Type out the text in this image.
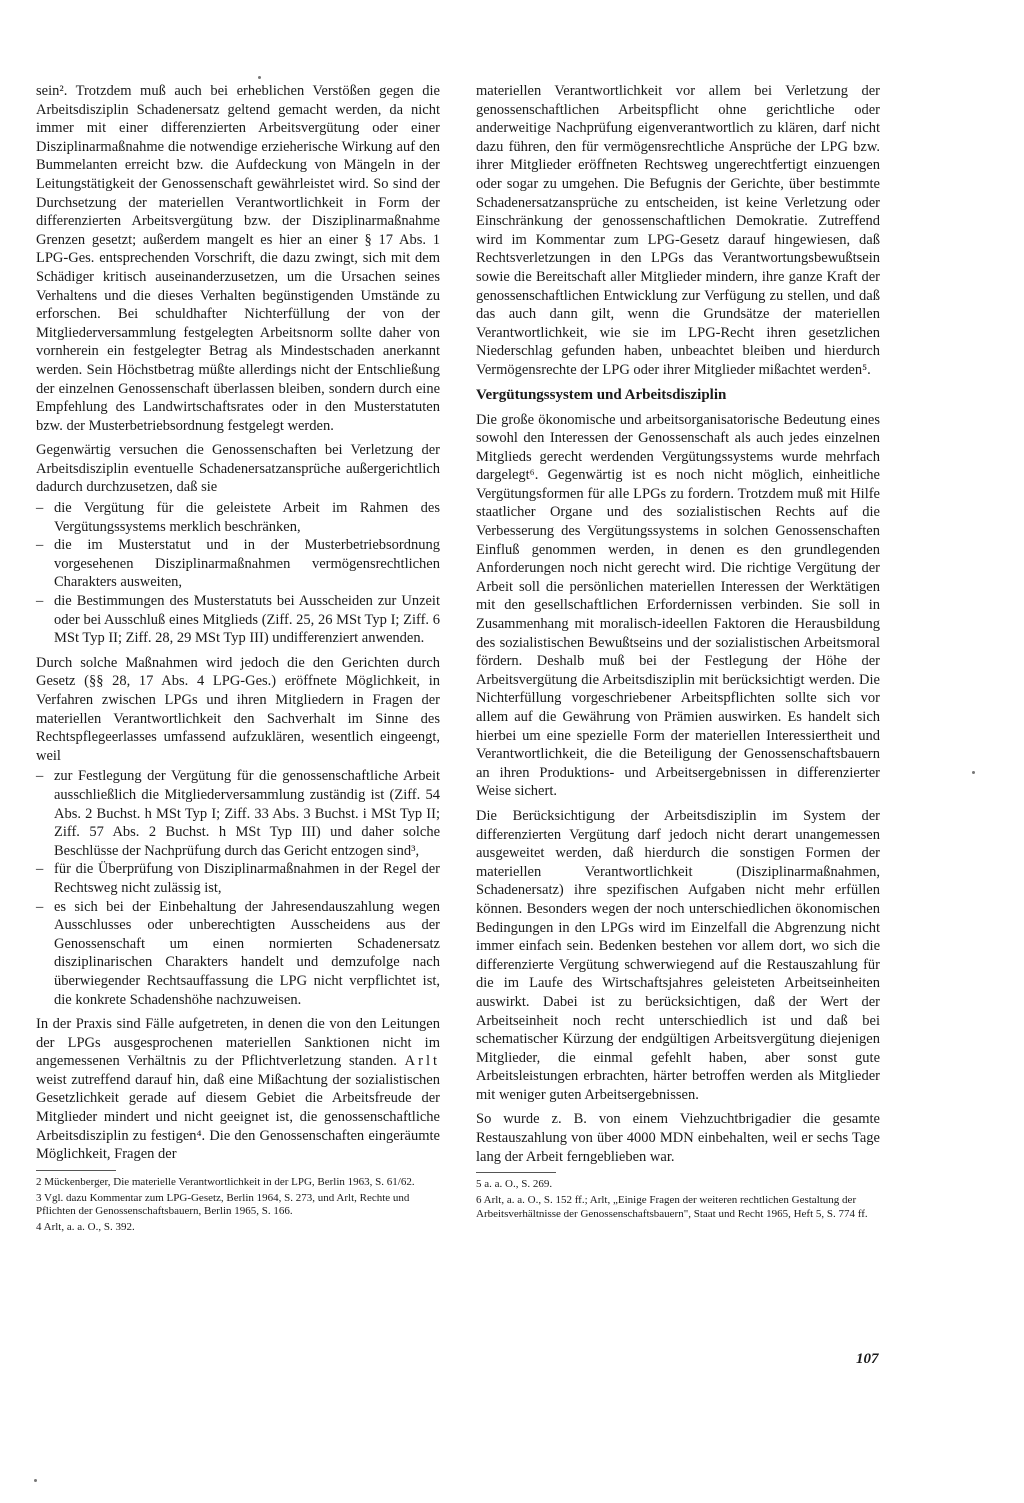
sein². Trotzdem muß auch bei erheblichen Verstößen gegen die Arbeitsdisziplin Schadenersatz geltend gemacht werden, da nicht immer mit einer differenzierten Arbeitsvergütung oder einer Disziplinarmaßnahme die notwendige erzieherische Wirkung auf den Bummelanten erreicht bzw. die Aufdeckung von Mängeln in der Leitungstätigkeit der Genossenschaft gewährleistet wird. So sind der Durchsetzung der materiellen Verantwortlichkeit in Form der differenzierten Arbeitsvergütung bzw. der Disziplinarmaßnahme Grenzen gesetzt; außerdem mangelt es hier an einer § 17 Abs. 1 LPG-Ges. entsprechenden Vorschrift, die dazu zwingt, sich mit dem Schädiger kritisch auseinanderzusetzen, um die Ursachen seines Verhaltens und die dieses Verhalten begünstigenden Umstände zu erforschen. Bei schuldhafter Nichterfüllung der von der Mitgliederversammlung festgelegten Arbeitsnorm sollte daher von vornherein ein festgelegter Betrag als Mindestschaden anerkannt werden. Sein Höchstbetrag müßte allerdings nicht der Entschließung der einzelnen Genossenschaft überlassen bleiben, sondern durch eine Empfehlung des Landwirtschaftsrates oder in den Musterstatuten bzw. der Musterbetriebsordnung festgelegt werden.

Gegenwärtig versuchen die Genossenschaften bei Verletzung der Arbeitsdisziplin eventuelle Schadenersatzansprüche außergerichtlich dadurch durchzusetzen, daß sie

– die Vergütung für die geleistete Arbeit im Rahmen des Vergütungssystems merklich beschränken,
– die im Musterstatut und in der Musterbetriebsordnung vorgesehenen Disziplinarmaßnahmen vermögensrechtlichen Charakters ausweiten,
– die Bestimmungen des Musterstatuts bei Ausscheiden zur Unzeit oder bei Ausschluß eines Mitglieds (Ziff. 25, 26 MSt Typ I; Ziff. 6 MSt Typ II; Ziff. 28, 29 MSt Typ III) undifferenziert anwenden.

Durch solche Maßnahmen wird jedoch die den Gerichten durch Gesetz (§§ 28, 17 Abs. 4 LPG-Ges.) eröffnete Möglichkeit, in Verfahren zwischen LPGs und ihren Mitgliedern in Fragen der materiellen Verantwortlichkeit den Sachverhalt im Sinne des Rechtspflegeerlasses umfassend aufzuklären, wesentlich eingeengt, weil

– zur Festlegung der Vergütung für die genossenschaftliche Arbeit ausschließlich die Mitgliederversammlung zuständig ist (Ziff. 54 Abs. 2 Buchst. h MSt Typ I; Ziff. 33 Abs. 3 Buchst. i MSt Typ II; Ziff. 57 Abs. 2 Buchst. h MSt Typ III) und daher solche Beschlüsse der Nachprüfung durch das Gericht entzogen sind³,
– für die Überprüfung von Disziplinarmaßnahmen in der Regel der Rechtsweg nicht zulässig ist,
– es sich bei der Einbehaltung der Jahresendauszahlung wegen Ausschlusses oder unberechtigten Ausscheidens aus der Genossenschaft um einen normierten Schadenersatz disziplinarischen Charakters handelt und demzufolge nach überwiegender Rechtsauffassung die LPG nicht verpflichtet ist, die konkrete Schadenshöhe nachzuweisen.

In der Praxis sind Fälle aufgetreten, in denen die von den Leitungen der LPGs ausgesprochenen materiellen Sanktionen nicht im angemessenen Verhältnis zu der Pflichtverletzung standen. Arlt weist zutreffend darauf hin, daß eine Mißachtung der sozialistischen Gesetzlichkeit gerade auf diesem Gebiet die Arbeitsfreude der Mitglieder mindert und nicht geeignet ist, die genossenschaftliche Arbeitsdisziplin zu festigen⁴. Die den Genossenschaften eingeräumte Möglichkeit, Fragen der

2 Mückenberger, Die materielle Verantwortlichkeit in der LPG, Berlin 1963, S. 61/62.

3 Vgl. dazu Kommentar zum LPG-Gesetz, Berlin 1964, S. 273, und Arlt, Rechte und Pflichten der Genossenschaftsbauern, Berlin 1965, S. 166.

4 Arlt, a. a. O., S. 392.

materiellen Verantwortlichkeit vor allem bei Verletzung der genossenschaftlichen Arbeitspflicht ohne gerichtliche oder anderweitige Nachprüfung eigenverantwortlich zu klären, darf nicht dazu führen, den für vermögensrechtliche Ansprüche der LPG bzw. ihrer Mitglieder eröffneten Rechtsweg ungerechtfertigt einzuengen oder sogar zu umgehen. Die Befugnis der Gerichte, über bestimmte Schadenersatzansprüche zu entscheiden, ist keine Verletzung oder Einschränkung der genossenschaftlichen Demokratie. Zutreffend wird im Kommentar zum LPG-Gesetz darauf hingewiesen, daß Rechtsverletzungen in den LPGs das Verantwortungsbewußtsein sowie die Bereitschaft aller Mitglieder mindern, ihre ganze Kraft der genossenschaftlichen Entwicklung zur Verfügung zu stellen, und daß das auch dann gilt, wenn die Grundsätze der materiellen Verantwortlichkeit, wie sie im LPG-Recht ihren gesetzlichen Niederschlag gefunden haben, unbeachtet bleiben und hierdurch Vermögensrechte der LPG oder ihrer Mitglieder mißachtet werden⁵.

Vergütungssystem und Arbeitsdisziplin

Die große ökonomische und arbeitsorganisatorische Bedeutung eines sowohl den Interessen der Genossenschaft als auch jedes einzelnen Mitglieds gerecht werdenden Vergütungssystems wurde mehrfach dargelegt⁶. Gegenwärtig ist es noch nicht möglich, einheitliche Vergütungsformen für alle LPGs zu fordern. Trotzdem muß mit Hilfe staatlicher Organe und des sozialistischen Rechts auf die Verbesserung des Vergütungssystems in solchen Genossenschaften Einfluß genommen werden, in denen es den grundlegenden Anforderungen noch nicht gerecht wird. Die richtige Vergütung der Arbeit soll die persönlichen materiellen Interessen der Werktätigen mit den gesellschaftlichen Erfordernissen verbinden. Sie soll in Zusammenhang mit moralisch-ideellen Faktoren die Herausbildung des sozialistischen Bewußtseins und der sozialistischen Arbeitsmoral fördern. Deshalb muß bei der Festlegung der Höhe der Arbeitsvergütung die Arbeitsdisziplin mit berücksichtigt werden. Die Nichterfüllung vorgeschriebener Arbeitspflichten sollte sich vor allem auf die Gewährung von Prämien auswirken. Es handelt sich hierbei um eine spezielle Form der materiellen Interessiertheit und Verantwortlichkeit, die die Beteiligung der Genossenschaftsbauern an ihren Produktions- und Arbeitsergebnissen in differenzierter Weise sichert.

Die Berücksichtigung der Arbeitsdisziplin im System der differenzierten Vergütung darf jedoch nicht derart unangemessen ausgeweitet werden, daß hierdurch die sonstigen Formen der materiellen Verantwortlichkeit (Disziplinarmaßnahmen, Schadenersatz) ihre spezifischen Aufgaben nicht mehr erfüllen können. Besonders wegen der noch unterschiedlichen ökonomischen Bedingungen in den LPGs wird im Einzelfall die Abgrenzung nicht immer einfach sein. Bedenken bestehen vor allem dort, wo sich die differenzierte Vergütung schwerwiegend auf die Restauszahlung für die im Laufe des Wirtschaftsjahres geleisteten Arbeitseinheiten auswirkt. Dabei ist zu berücksichtigen, daß der Wert der Arbeitseinheit noch recht unterschiedlich ist und daß bei schematischer Kürzung der endgültigen Arbeitsvergütung diejenigen Mitglieder, die einmal gefehlt haben, aber sonst gute Arbeitsleistungen erbrachten, härter betroffen werden als Mitglieder mit weniger guten Arbeitsergebnissen.

So wurde z. B. von einem Viehzuchtbrigadier die gesamte Restauszahlung von über 4000 MDN einbehalten, weil er sechs Tage lang der Arbeit ferngeblieben war.

5 a. a. O., S. 269.

6 Arlt, a. a. O., S. 152 ff.; Arlt, „Einige Fragen der weiteren rechtlichen Gestaltung der Arbeitsverhältnisse der Genossenschaftsbauern", Staat und Recht 1965, Heft 5, S. 774 ff.

107
